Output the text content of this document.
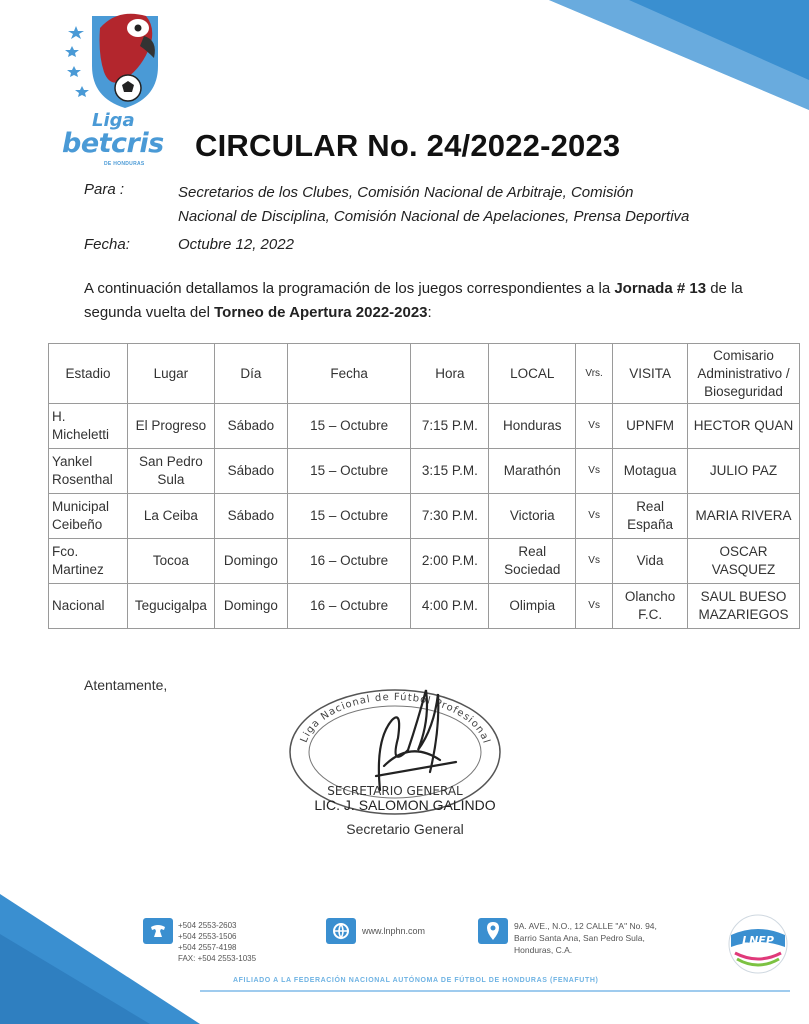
Liga
betcris
DE HONDURAS
CIRCULAR No. 24/2022-2023
Para :	Secretarios de los Clubes, Comisión Nacional de Arbitraje, Comisión
Nacional de Disciplina, Comisión Nacional de Apelaciones, Prensa Deportiva
Fecha:	Octubre 12, 2022
A continuación detallamos la programación de los juegos correspondientes a la Jornada # 13 de la segunda vuelta del Torneo de Apertura 2022-2023:
Estadio	Lugar	Día	Fecha	Hora	LOCAL	Vrs.	VISITA	Comisario Administrativo / Bioseguridad
H. Micheletti	El Progreso	Sábado	15 – Octubre	7:15 P.M.	Honduras	Vs	UPNFM	HECTOR QUAN
Yankel Rosenthal	San Pedro Sula	Sábado	15 – Octubre	3:15 P.M.	Marathón	Vs	Motagua	JULIO PAZ
Municipal Ceibeño	La Ceiba	Sábado	15 – Octubre	7:30 P.M.	Victoria	Vs	Real España	MARIA RIVERA
Fco. Martinez	Tocoa	Domingo	16 – Octubre	2:00 P.M.	Real Sociedad	Vs	Vida	OSCAR VASQUEZ
Nacional	Tegucigalpa	Domingo	16 – Octubre	4:00 P.M.	Olimpia	Vs	Olancho F.C.	SAUL BUESO MAZARIEGOS
Atentamente,
Liga Nacional de Fútbol Profesional
SECRETARIO GENERAL
LIC. J. SALOMON GALINDO
Secretario General
+504 2553-2603
+504 2553-1506
+504 2557-4198
FAX: +504 2553-1035
www.lnphn.com	9A. AVE., N.O., 12 CALLE "A" No. 94,
Barrio Santa Ana, San Pedro Sula,
Honduras, C.A.
LNFP
AFILIADO A LA FEDERACIÓN NACIONAL AUTÓNOMA DE FÚTBOL DE HONDURAS (FENAFUTH)
